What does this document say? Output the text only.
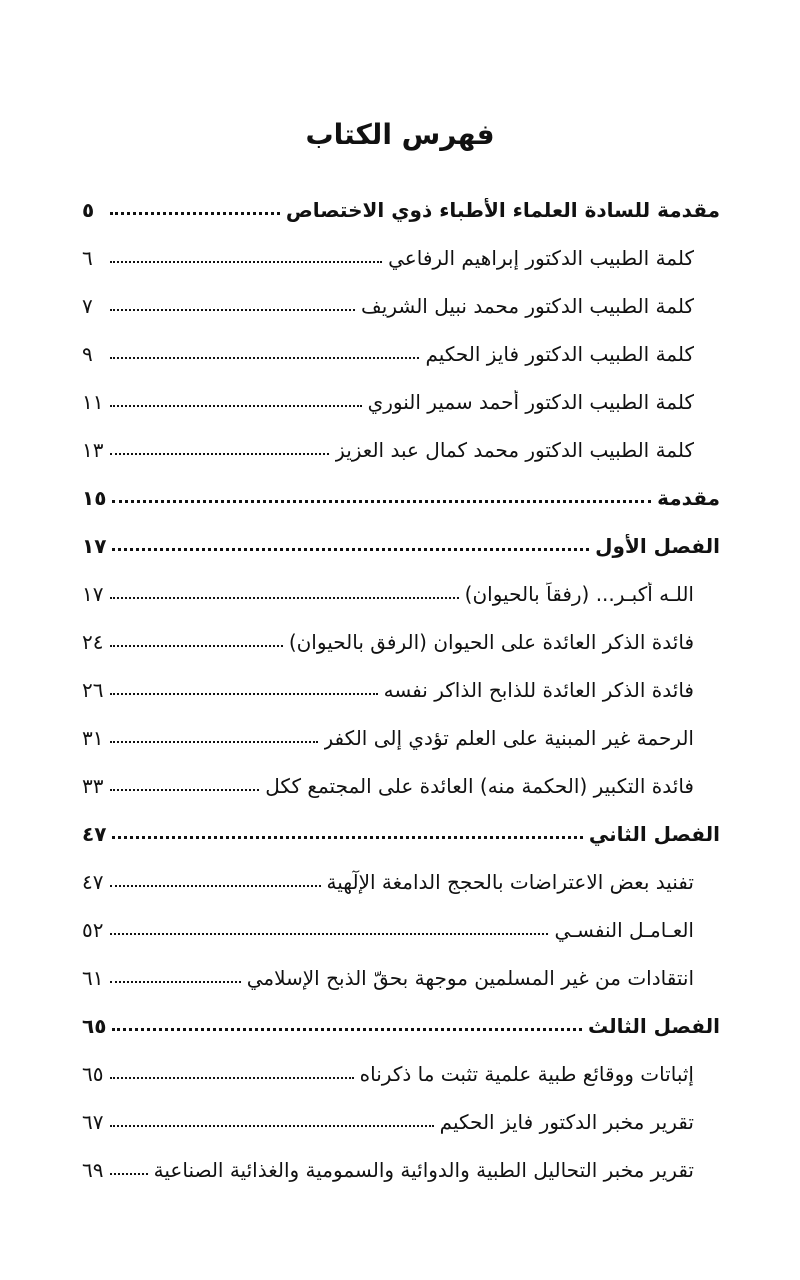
فهرس الكتاب
مقدمة للسادة العلماء الأطباء ذوي الاختصاص
٥
كلمة الطبيب الدكتور إبراهيم الرفاعي
٦
كلمة الطبيب الدكتور محمد نبيل الشريف
٧
كلمة الطبيب الدكتور فايز الحكيم
٩
كلمة الطبيب الدكتور أحمد سمير النوري
١١
كلمة الطبيب الدكتور محمد كمال عبد العزيز
١٣
مقدمة
١٥
الفصل الأول
١٧
اللـه أكبـر... (رفقاً بالحيوان)
١٧
فائدة الذكر العائدة على الحيوان (الرفق بالحيوان)
٢٤
فائدة الذكر العائدة للذابح الذاكر نفسه
٢٦
الرحمة غير المبنية على العلم تؤدي إلى الكفر
٣١
فائدة التكبير (الحكمة منه) العائدة على المجتمع ككل
٣٣
الفصل الثاني
٤٧
تفنيد بعض الاعتراضات بالحجج الدامغة الإلٓهية
٤٧
العـامـل النفسـي
٥٢
انتقادات من غير المسلمين موجهة بحقّ الذبح الإسلامي
٦١
الفصل الثالث
٦٥
إثباتات ووقائع طبية علمية تثبت ما ذكرناه
٦٥
تقرير مخبر الدكتور فايز الحكيم
٦٧
تقرير مخبر التحاليل الطبية والدوائية والسمومية والغذائية الصناعية
٦٩
